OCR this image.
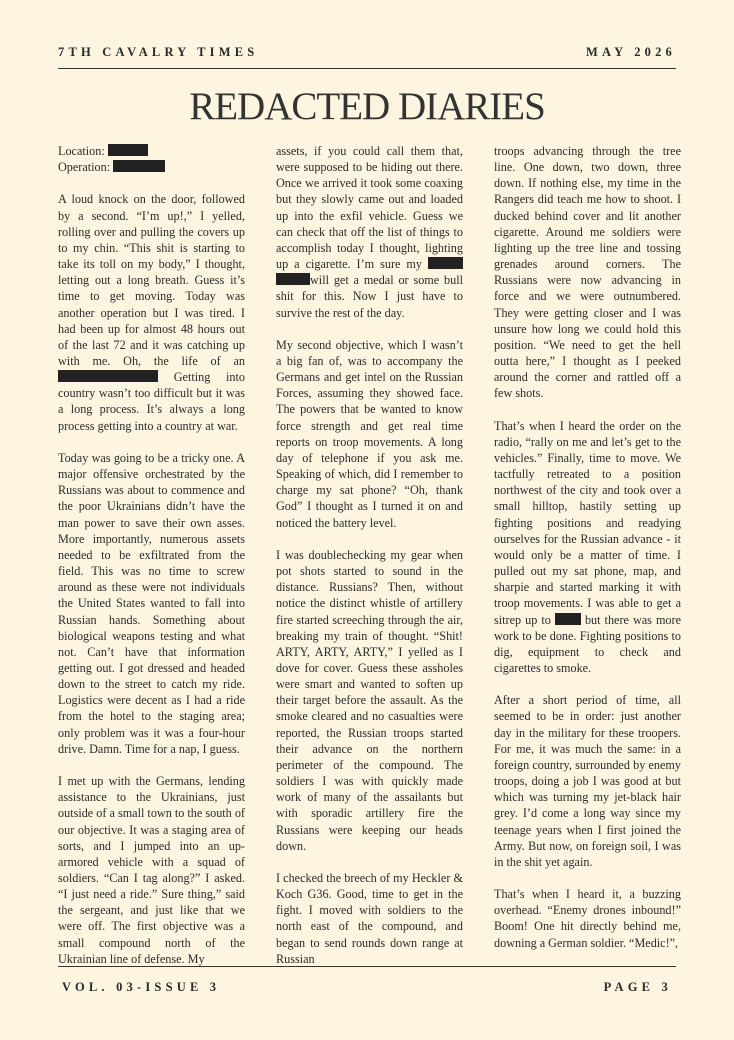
7TH CAVALRY TIMES	MAY 2026
REDACTED DIARIES
Location:
Operation:

A loud knock on the door, followed by a second. “I’m up!,” I yelled, rolling over and pulling the covers up to my chin. “This shit is starting to take its toll on my body,” I thought, letting out a long breath. Guess it’s time to get moving. Today was another operation but I was tired. I had been up for almost 48 hours out of the last 72 and it was catching up with me. Oh, the life of an  Getting into country wasn’t too difficult but it was a long process. It’s always a long process getting into a country at war.

Today was going to be a tricky one. A major offensive orchestrated by the Russians was about to commence and the poor Ukrainians didn’t have the man power to save their own asses. More importantly, numerous assets needed to be exfiltrated from the field. This was no time to screw around as these were not individuals the United States wanted to fall into Russian hands. Something about biological weapons testing and what not. Can’t have that information getting out. I got dressed and headed down to the street to catch my ride. Logistics were decent as I had a ride from the hotel to the staging area; only problem was it was a four-hour drive. Damn. Time for a nap, I guess.

I met up with the Germans, lending assistance to the Ukrainians, just outside of a small town to the south of our objective. It was a staging area of sorts, and I jumped into an up-armored vehicle with a squad of soldiers. “Can I tag along?” I asked. “I just need a ride.” Sure thing,” said the sergeant, and just like that we were off. The first objective was a small compound north of the Ukrainian line of defense. My

assets, if you could call them that, were supposed to be hiding out there. Once we arrived it took some coaxing but they slowly came out and loaded up into the exfil vehicle. Guess we can check that off the list of things to accomplish today I thought, lighting up a cigarette. I’m sure my  will get a medal or some bull shit for this. Now I just have to survive the rest of the day.

My second objective, which I wasn’t a big fan of, was to accompany the Germans and get intel on the Russian Forces, assuming they showed face. The powers that be wanted to know force strength and get real time reports on troop movements. A long day of telephone if you ask me. Speaking of which, did I remember to charge my sat phone? “Oh, thank God” I thought as I turned it on and noticed the battery level.

I was doublechecking my gear when pot shots started to sound in the distance. Russians? Then, without notice the distinct whistle of artillery fire started screeching through the air, breaking my train of thought. “Shit! ARTY, ARTY, ARTY,” I yelled as I dove for cover. Guess these assholes were smart and wanted to soften up their target before the assault. As the smoke cleared and no casualties were reported, the Russian troops started their advance on the northern perimeter of the compound. The soldiers I was with quickly made work of many of the assailants but with sporadic artillery fire the Russians were keeping our heads down.

I checked the breech of my Heckler & Koch G36. Good, time to get in the fight. I moved with soldiers to the north east of the compound, and began to send rounds down range at Russian

troops advancing through the tree line. One down, two down, three down. If nothing else, my time in the Rangers did teach me how to shoot. I ducked behind cover and lit another cigarette. Around me soldiers were lighting up the tree line and tossing grenades around corners. The Russians were now advancing in force and we were outnumbered. They were getting closer and I was unsure how long we could hold this position. “We need to get the hell outta here,” I thought as I peeked around the corner and rattled off a few shots.

That’s when I heard the order on the radio, “rally on me and let’s get to the vehicles.” Finally, time to move. We tactfully retreated to a position northwest of the city and took over a small hilltop, hastily setting up fighting positions and readying ourselves for the Russian advance - it would only be a matter of time. I pulled out my sat phone, map, and sharpie and started marking it with troop movements. I was able to get a sitrep up to	but there was more work to be done. Fighting positions to dig, equipment to check and cigarettes to smoke.

After a short period of time, all seemed to be in order: just another day in the military for these troopers. For me, it was much the same: in a foreign country, surrounded by enemy troops, doing a job I was good at but which was turning my jet-black hair grey. I’d come a long way since my teenage years when I first joined the Army. But now, on foreign soil, I was in the shit yet again.

That’s when I heard it, a buzzing overhead. “Enemy drones inbound!” Boom! One hit directly behind me, downing a German soldier. “Medic!”,

VOL. 03-ISSUE 3	PAGE 3
